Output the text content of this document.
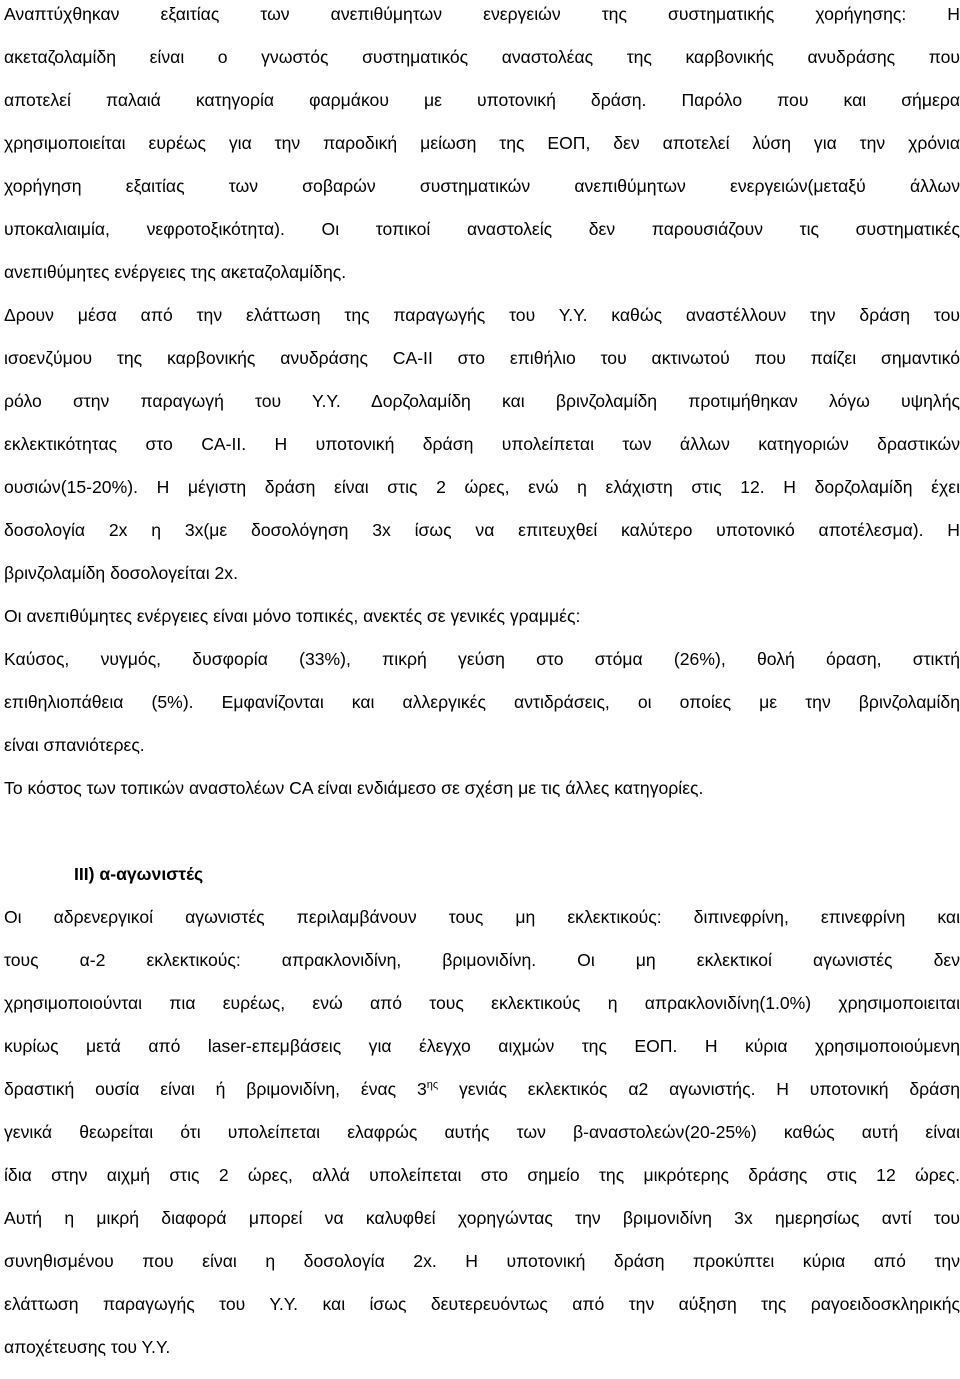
Αναπτύχθηκαν εξαιτίας των ανεπιθύμητων ενεργειών της συστηματικής χορήγησης: Η
ακεταζολαμίδη είναι ο γνωστός συστηματικός αναστολέας της καρβονικής ανυδράσης που
αποτελεί παλαιά κατηγορία φαρμάκου με υποτονική δράση. Παρόλο που και σήμερα
χρησιμοποιείται ευρέως για την παροδική μείωση της ΕΟΠ, δεν αποτελεί λύση για την χρόνια
χορήγηση εξαιτίας των σοβαρών συστηματικών ανεπιθύμητων ενεργειών(μεταξύ άλλων
υποκαλιαιμία, νεφροτοξικότητα). Οι τοπικοί αναστολείς δεν παρουσιάζουν τις συστηματικές
ανεπιθύμητες ενέργειες της ακεταζολαμίδης.
Δρουν μέσα από την ελάττωση της παραγωγής του Υ.Υ. καθώς αναστέλλουν την δράση του
ισοενζύμου της καρβονικής ανυδράσης CA-II στο επιθήλιο του ακτινωτού που παίζει σημαντικό
ρόλο στην παραγωγή του Υ.Υ. Δορζολαμίδη και βρινζολαμίδη προτιμήθηκαν λόγω υψηλής
εκλεκτικότητας στο CA-II. Η υποτονική δράση υπολείπεται των άλλων κατηγοριών δραστικών
ουσιών(15-20%). Η μέγιστη δράση είναι στις 2 ώρες, ενώ η ελάχιστη στις 12. Η δορζολαμίδη έχει
δοσολογία 2x η 3x(με δοσολόγηση 3x ίσως να επιτευχθεί καλύτερο υποτονικό αποτέλεσμα). Η
βρινζολαμίδη δοσολογείται 2x.
Οι ανεπιθύμητες ενέργειες είναι μόνο τοπικές, ανεκτές σε γενικές γραμμές:
Καύσος, νυγμός, δυσφορία (33%), πικρή γεύση στο στόμα (26%), θολή όραση, στικτή
επιθηλιοπάθεια (5%). Εμφανίζονται και αλλεργικές αντιδράσεις, οι οποίες με την βρινζολαμίδη
είναι σπανιότερες.
Το κόστος των τοπικών αναστολέων CA είναι ενδιάμεσο σε σχέση με τις άλλες κατηγορίες.
III) α-αγωνιστές
Οι αδρενεργικοί αγωνιστές περιλαμβάνουν τους μη εκλεκτικούς: διπινεφρίνη, επινεφρίνη και
τους α-2 εκλεκτικούς: απρακλονιδίνη, βριμονιδίνη. Οι μη εκλεκτικοί αγωνιστές δεν
χρησιμοποιούνται πια ευρέως, ενώ από τους εκλεκτικούς η απρακλονιδίνη(1.0%) χρησιμοποιειται
κυρίως μετά από laser-επεμβάσεις για έλεγχο αιχμών της ΕΟΠ. Η κύρια χρησιμοποιούμενη
δραστική ουσία είναι ή βριμονιδίνη, ένας $3^{\eta\varsigma}$ γενιάς εκλεκτικός α2 αγωνιστής. Η υποτονική δράση
γενικά θεωρείται ότι υπολείπεται ελαφρώς αυτής των β-αναστολεών(20-25%) καθώς αυτή είναι
ίδια στην αιχμή στις 2 ώρες, αλλά υπολείπεται στο σημείο της μικρότερης δράσης στις 12 ώρες.
Αυτή η μικρή διαφορά μπορεί να καλυφθεί χορηγώντας την βριμονιδίνη 3x ημερησίως αντί του
συνηθισμένου που είναι η δοσολογία 2x. Η υποτονική δράση προκύπτει κύρια από την
ελάττωση παραγωγής του Υ.Υ. και ίσως δευτερευόντως από την αύξηση της ραγοειδοσκληρικής
αποχέτευσης του Υ.Υ.
